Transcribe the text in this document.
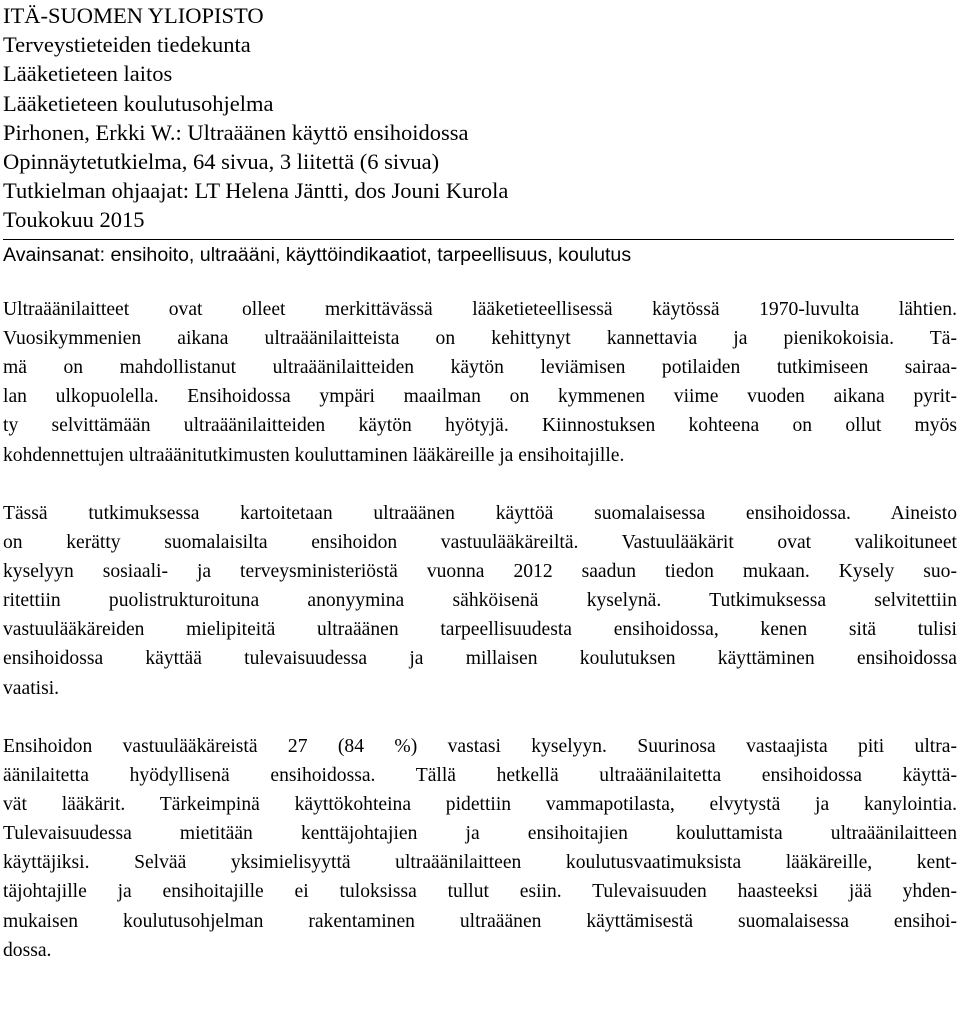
ITÄ-SUOMEN YLIOPISTO
Terveystieteiden tiedekunta
Lääketieteen laitos
Lääketieteen koulutusohjelma
Pirhonen, Erkki W.: Ultraäänen käyttö ensihoidossa
Opinnäytetutkielma, 64 sivua, 3 liitettä (6 sivua)
Tutkielman ohjaajat: LT Helena Jäntti, dos Jouni Kurola
Toukokuu 2015
Avainsanat: ensihoito, ultraääni, käyttöindikaatiot, tarpeellisuus, koulutus
Ultraäänilaitteet ovat olleet merkittävässä lääketieteellisessä käytössä 1970-luvulta lähtien.
Vuosikymmenien aikana ultraäänilaitteista on kehittynyt kannettavia ja pienikokoisia. Tä-
mä on mahdollistanut ultraäänilaitteiden käytön leviämisen potilaiden tutkimiseen sairaa-
lan ulkopuolella. Ensihoidossa ympäri maailman on kymmenen viime vuoden aikana pyrit-
ty selvittämään ultraäänilaitteiden käytön hyötyjä. Kiinnostuksen kohteena on ollut myös
kohdennettujen ultraäänitutkimusten kouluttaminen lääkäreille ja ensihoitajille.
Tässä tutkimuksessa kartoitetaan ultraäänen käyttöä suomalaisessa ensihoidossa. Aineisto
on kerätty suomalaisilta ensihoidon vastuulääkäreiltä. Vastuulääkärit ovat valikoituneet
kyselyyn sosiaali- ja terveysministeriöstä vuonna 2012 saadun tiedon mukaan. Kysely suo-
ritettiin puolistrukturoituna anonyymina sähköisenä kyselynä. Tutkimuksessa selvitettiin
vastuulääkäreiden mielipiteitä ultraäänen tarpeellisuudesta ensihoidossa, kenen sitä tulisi
ensihoidossa käyttää tulevaisuudessa ja millaisen koulutuksen käyttäminen ensihoidossa
vaatisi.
Ensihoidon vastuulääkäreistä 27 (84 %) vastasi kyselyyn. Suurinosa vastaajista piti ultra-
äänilaitetta hyödyllisenä ensihoidossa. Tällä hetkellä ultraäänilaitetta ensihoidossa käyttä-
vät lääkärit. Tärkeimpinä käyttökohteina pidettiin vammapotilasta, elvytystä ja kanylointia.
Tulevaisuudessa mietitään kenttäjohtajien ja ensihoitajien kouluttamista ultraäänilaitteen
käyttäjiksi. Selvää yksimielisyyttä ultraäänilaitteen koulutusvaatimuksista lääkäreille, kent-
täjohtajille ja ensihoitajille ei tuloksissa tullut esiin. Tulevaisuuden haasteeksi jää yhden-
mukaisen koulutusohjelman rakentaminen ultraäänen käyttämisestä suomalaisessa ensihoi-
dossa.
